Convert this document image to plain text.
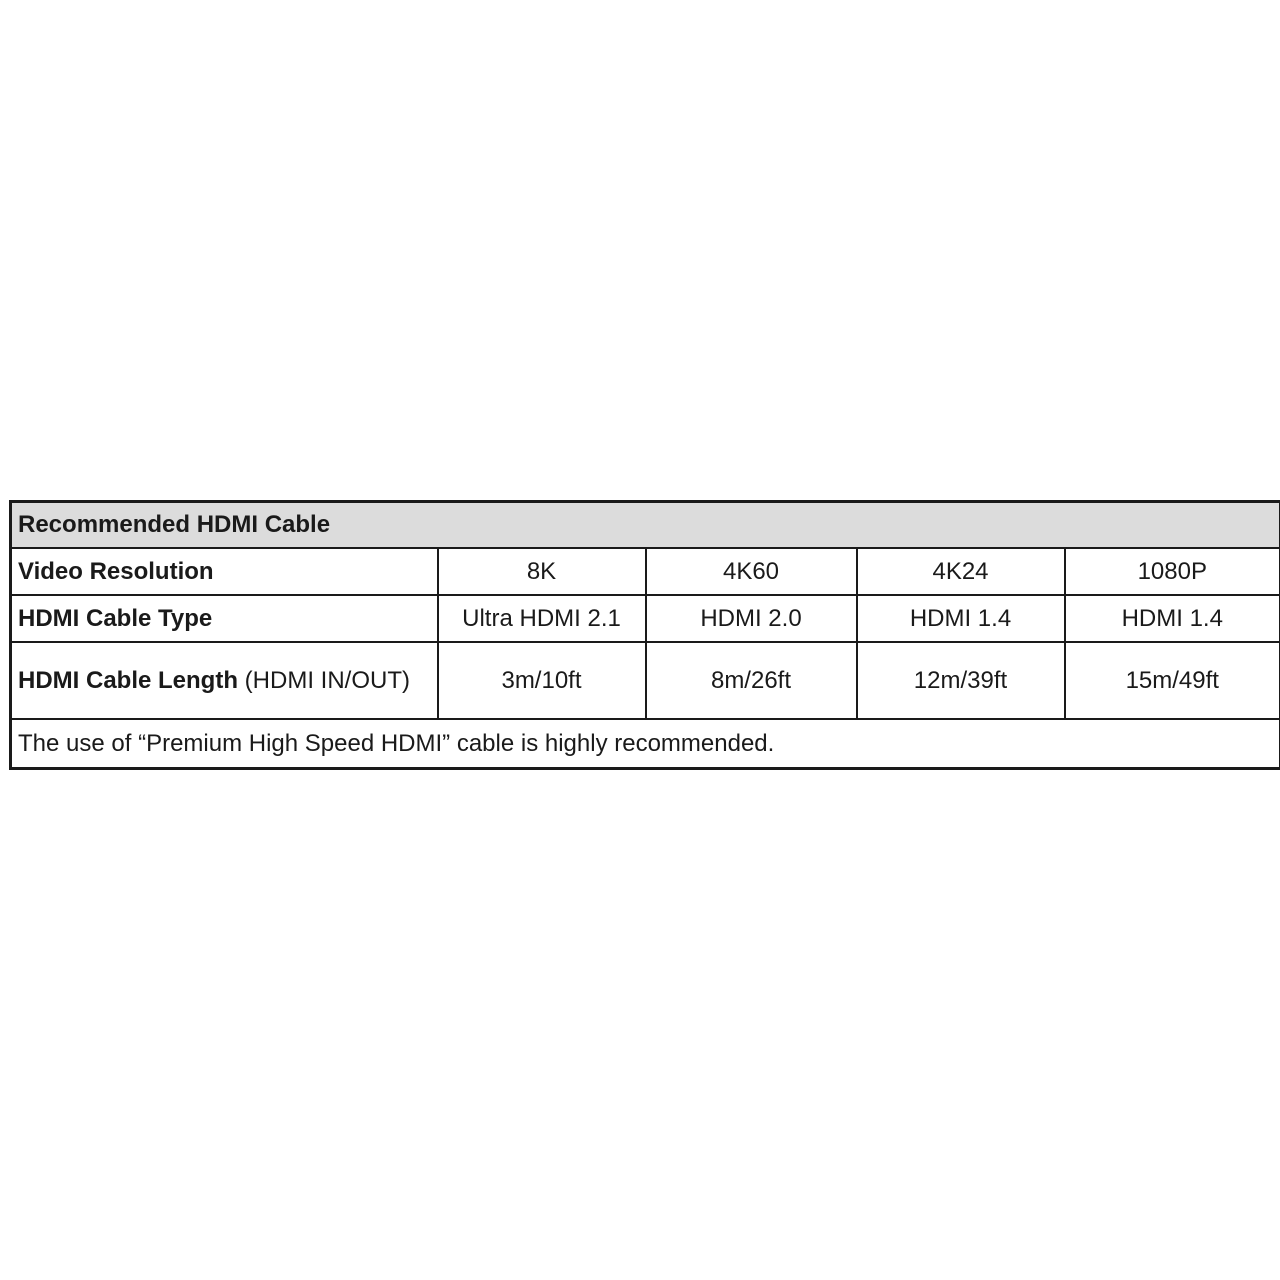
Recommended HDMI Cable				
Video Resolution	8K	4K60	4K24	1080P
HDMI Cable Type	Ultra HDMI 2.1	HDMI 2.0	HDMI 1.4	HDMI 1.4
HDMI Cable Length (HDMI IN/OUT)	3m/10ft	8m/26ft	12m/39ft	15m/49ft
The use of “Premium High Speed HDMI” cable is highly recommended.				
